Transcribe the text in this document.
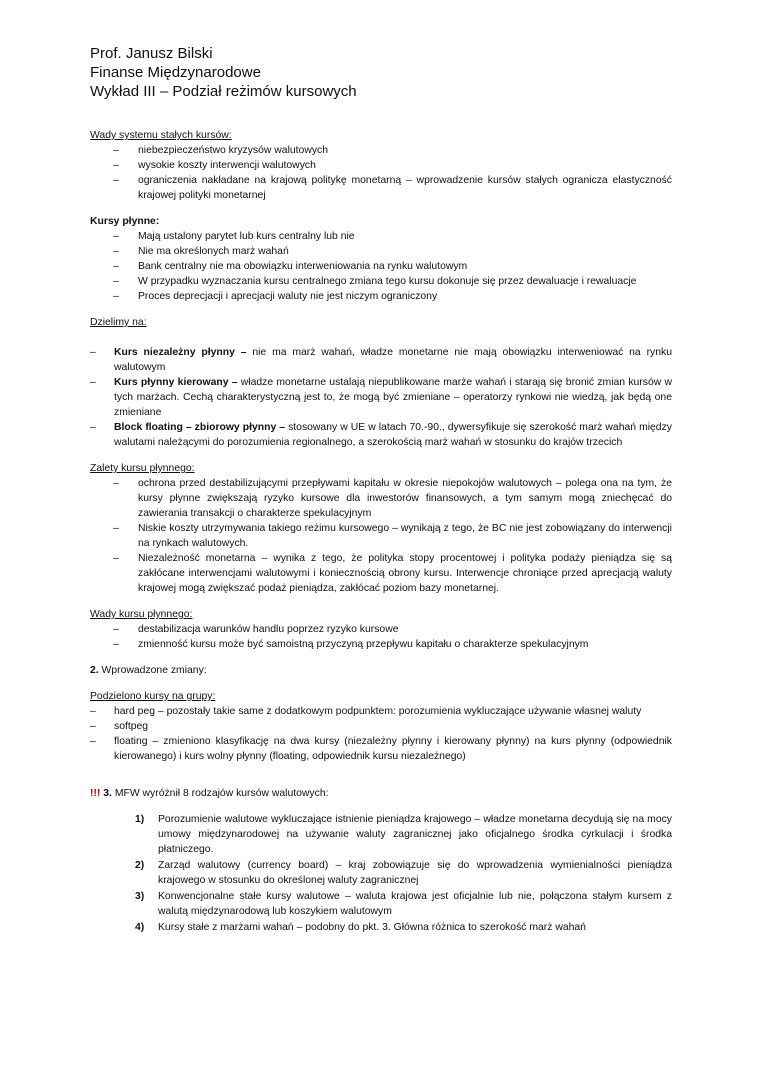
Prof. Janusz Bilski
Finanse Międzynarodowe
Wykład III – Podział reżimów kursowych
Wady systemu stałych kursów:
– niebezpieczeństwo kryzysów walutowych
– wysokie koszty interwencji walutowych
– ograniczenia nakładane na krajową politykę monetarną – wprowadzenie kursów stałych ogranicza elastyczność krajowej polityki monetarnej
Kursy płynne:
– Mają ustalony parytet lub kurs centralny lub nie
– Nie ma określonych marż wahań
– Bank centralny nie ma obowiązku interweniowania na rynku walutowym
– W przypadku wyznaczania kursu centralnego zmiana tego kursu dokonuje się przez dewaluacje i rewaluacje
– Proces deprecjacji i aprecjacji waluty nie jest niczym ograniczony
Dzielimy na:
– Kurs niezależny płynny – nie ma marż wahań, władze monetarne nie mają obowiązku interweniować na rynku walutowym
– Kurs płynny kierowany – władze monetarne ustalają niepublikowane marże wahań i starają się bronić zmian kursów w tych marżach. Cechą charakterystyczną jest to, że mogą być zmieniane – operatorzy rynkowi nie wiedzą, jak będą one zmieniane
– Block floating – zbiorowy płynny – stosowany w UE w latach 70.-90., dywersyfikuje się szerokość marż wahań między walutami należącymi do porozumienia regionalnego, a szerokością marż wahań w stosunku do krajów trzecich
Zalety kursu płynnego:
– ochrona przed destabilizującymi przepływami kapitału w okresie niepokojów walutowych – polega ona na tym, że kursy płynne zwiększają ryzyko kursowe dla inwestorów finansowych, a tym samym mogą zniechęcać do zawierania transakcji o charakterze spekulacyjnym
– Niskie koszty utrzymywania takiego reżimu kursowego – wynikają z tego, że BC nie jest zobowiązany do interwencji na rynkach walutowych.
– Niezależność monetarna – wynika z tego, że polityka stopy procentowej i polityka podaży pieniądza się są zakłócane interwencjami walutowymi i koniecznością obrony kursu. Interwencje chroniące przed aprecjacją waluty krajowej mogą zwiększać podaż pieniądza, zakłócać poziom bazy monetarnej.
Wady kursu płynnego:
– destabilizacja warunków handlu poprzez ryzyko kursowe
– zmienność kursu może być samoistną przyczyną przepływu kapitału o charakterze spekulacyjnym
2. Wprowadzone zmiany:
Podzielono kursy na grupy:
– hard peg – pozostały takie same z dodatkowym podpunktem: porozumienia wykluczające używanie własnej waluty
– softpeg
– floating – zmieniono klasyfikację na dwa kursy (niezależny płynny i kierowany płynny) na kurs płynny (odpowiednik kierowanego) i kurs wolny płynny (floating, odpowiednik kursu niezależnego)
!!! 3. MFW wyróżnił 8 rodzajów kursów walutowych:
1) Porozumienie walutowe wykluczające istnienie pieniądza krajowego – władze monetarna decydują się na mocy umowy międzynarodowej na używanie waluty zagranicznej jako oficjalnego środka cyrkulacji i środka płatniczego.
2) Zarząd walutowy (currency board) – kraj zobowiązuje się do wprowadzenia wymienialności pieniądza krajowego w stosunku do określonej waluty zagranicznej
3) Konwencjonalne stałe kursy walutowe – waluta krajowa jest oficjalnie lub nie, połączona stałym kursem z walutą międzynarodową lub koszykiem walutowym
4) Kursy stałe z marżami wahań – podobny do pkt. 3. Główna różnica to szerokość marż wahań
